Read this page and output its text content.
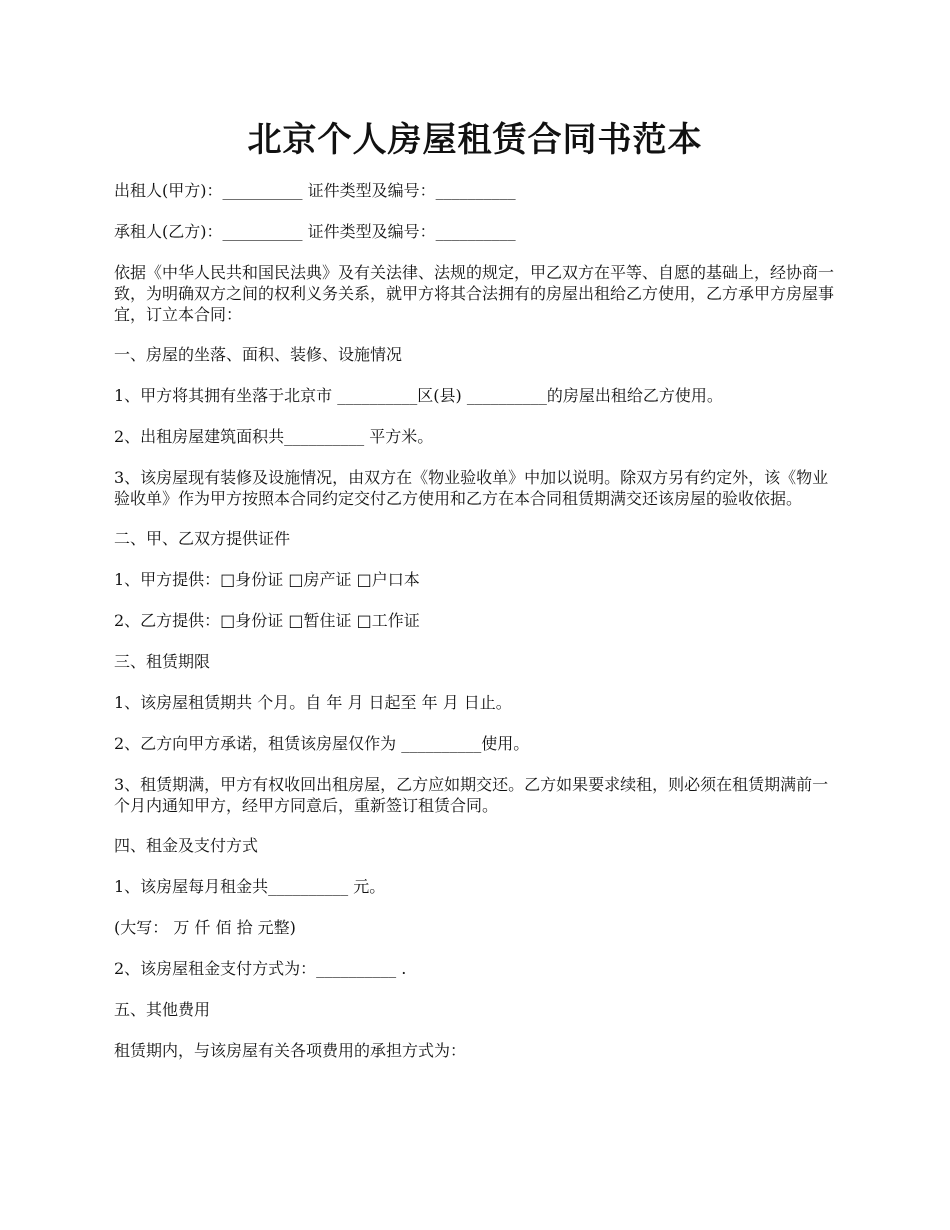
北京个人房屋租赁合同书范本

出租人(甲方)：__________ 证件类型及编号：__________

承租人(乙方)：__________ 证件类型及编号：__________

依据《中华人民共和国民法典》及有关法律、法规的规定，甲乙双方在平等、自愿的基础上，经协商一致，为明确双方之间的权利义务关系，就甲方将其合法拥有的房屋出租给乙方使用，乙方承甲方房屋事宜，订立本合同：

一、房屋的坐落、面积、装修、设施情况

1、甲方将其拥有坐落于北京市 __________区(县) __________的房屋出租给乙方使用。

2、出租房屋建筑面积共__________ 平方米。

3、该房屋现有装修及设施情况，由双方在《物业验收单》中加以说明。除双方另有约定外，该《物业验收单》作为甲方按照本合同约定交付乙方使用和乙方在本合同租赁期满交还该房屋的验收依据。

二、甲、乙双方提供证件

1、甲方提供：□身份证 □房产证 □户口本

2、乙方提供：□身份证 □暂住证 □工作证

三、租赁期限

1、该房屋租赁期共 个月。自 年 月 日起至 年 月 日止。

2、乙方向甲方承诺，租赁该房屋仅作为 __________使用。

3、租赁期满，甲方有权收回出租房屋，乙方应如期交还。乙方如果要求续租，则必须在租赁期满前一个月内通知甲方，经甲方同意后，重新签订租赁合同。

四、租金及支付方式

1、该房屋每月租金共__________ 元。

(大写： 万 仟 佰 拾 元整)

2、该房屋租金支付方式为：__________ .

五、其他费用

租赁期内，与该房屋有关各项费用的承担方式为：
